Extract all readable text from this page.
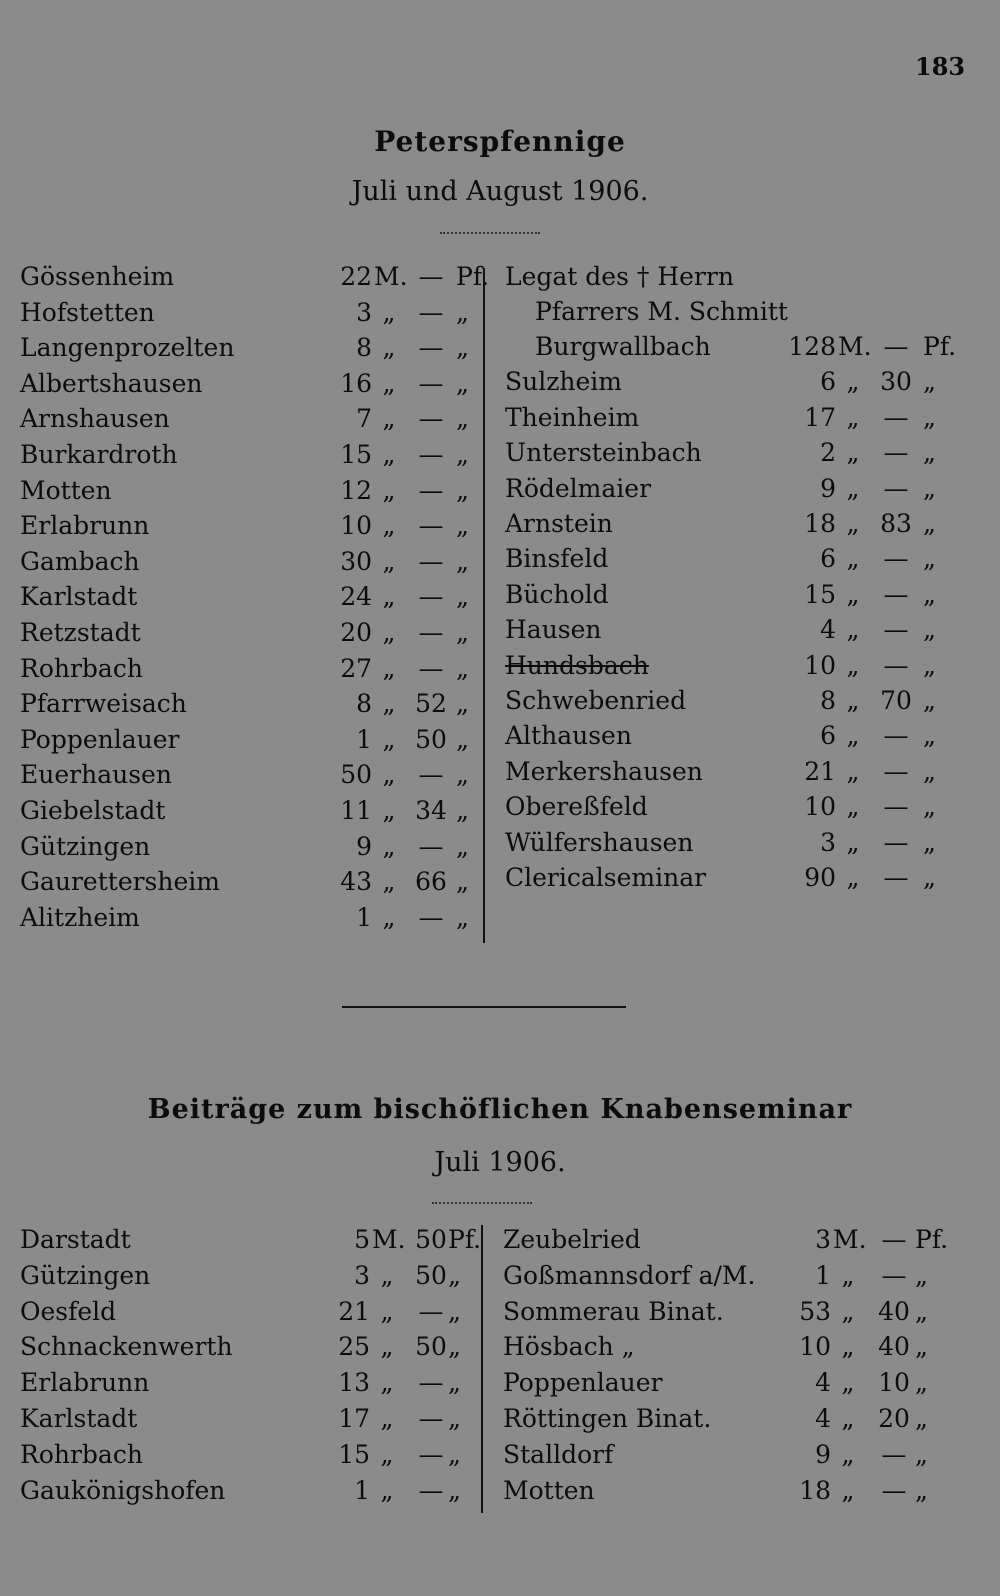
183
Peterspfennige
Juli und August 1906.
Gössenheim	22 M. — Pf.
Hofstetten	3 „ — „
Langenprozelten	8 „ — „
Albertshausen	16 „ — „
Arnshausen	7 „ — „
Burkardroth	15 „ — „
Motten	12 „ — „
Erlabrunn	10 „ — „
Gambach	30 „ — „
Karlstadt	24 „ — „
Retzstadt	20 „ — „
Rohrbach	27 „ — „
Pfarrweisach	8 „ 52 „
Poppenlauer	1 „ 50 „
Euerhausen	50 „ — „
Giebelstadt	11 „ 34 „
Gützingen	9 „ — „
Gaurettersheim	43 „ 66 „
Alitzheim	1 „ — „
Legat des † Herrn
Pfarrers M. Schmitt
Burgwallbach	128 M. — Pf.
Sulzheim	6 „ 30 „
Theinheim	17 „ — „
Untersteinbach	2 „ — „
Rödelmaier	9 „ — „
Arnstein	18 „ 83 „
Binsfeld	6 „ — „
Büchold	15 „ — „
Hausen	4 „ — „
Hundsbach	10 „ — „
Schwebenried	8 „ 70 „
Althausen	6 „ — „
Merkershausen	21 „ — „
Obereßfeld	10 „ — „
Wülfershausen	3 „ — „
Clericalseminar	90 „ — „
Beiträge zum bischöflichen Knabenseminar
Juli 1906.
Darstadt	5 M. 50 Pf.
Gützingen	3 „ 50 „
Oesfeld	21 „	— „
Schnackenwerth	25 „ 50 „
Erlabrunn	13 „	— „
Karlstadt	17 „	— „
Rohrbach	15 „	— „
Gaukönigshofen	1 „	— „
Zeubelried	3 M. — Pf.
Goßmannsdorf a/M.	1 „	— „
Sommerau Binat.	53 „ 40 „
Hösbach „	10 „ 40 „
Poppenlauer	4 „ 10 „
Röttingen Binat.	4 „ 20 „
Stalldorf	9 „	— „
Motten	18 „	— „
